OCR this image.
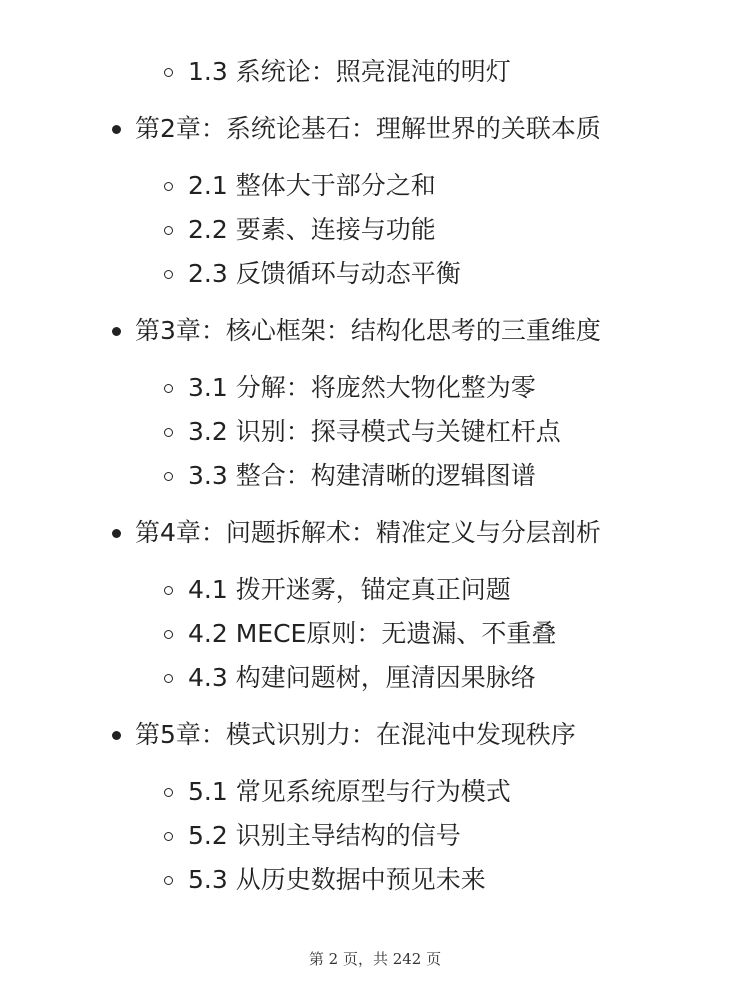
1.3 系统论：照亮混沌的明灯
第2章：系统论基石：理解世界的关联本质
2.1 整体大于部分之和
2.2 要素、连接与功能
2.3 反馈循环与动态平衡
第3章：核心框架：结构化思考的三重维度
3.1 分解：将庞然大物化整为零
3.2 识别：探寻模式与关键杠杆点
3.3 整合：构建清晰的逻辑图谱
第4章：问题拆解术：精准定义与分层剖析
4.1 拨开迷雾，锚定真正问题
4.2 MECE原则：无遗漏、不重叠
4.3 构建问题树，厘清因果脉络
第5章：模式识别力：在混沌中发现秩序
5.1 常见系统原型与行为模式
5.2 识别主导结构的信号
5.3 从历史数据中预见未来
第 2 页，共 242 页
